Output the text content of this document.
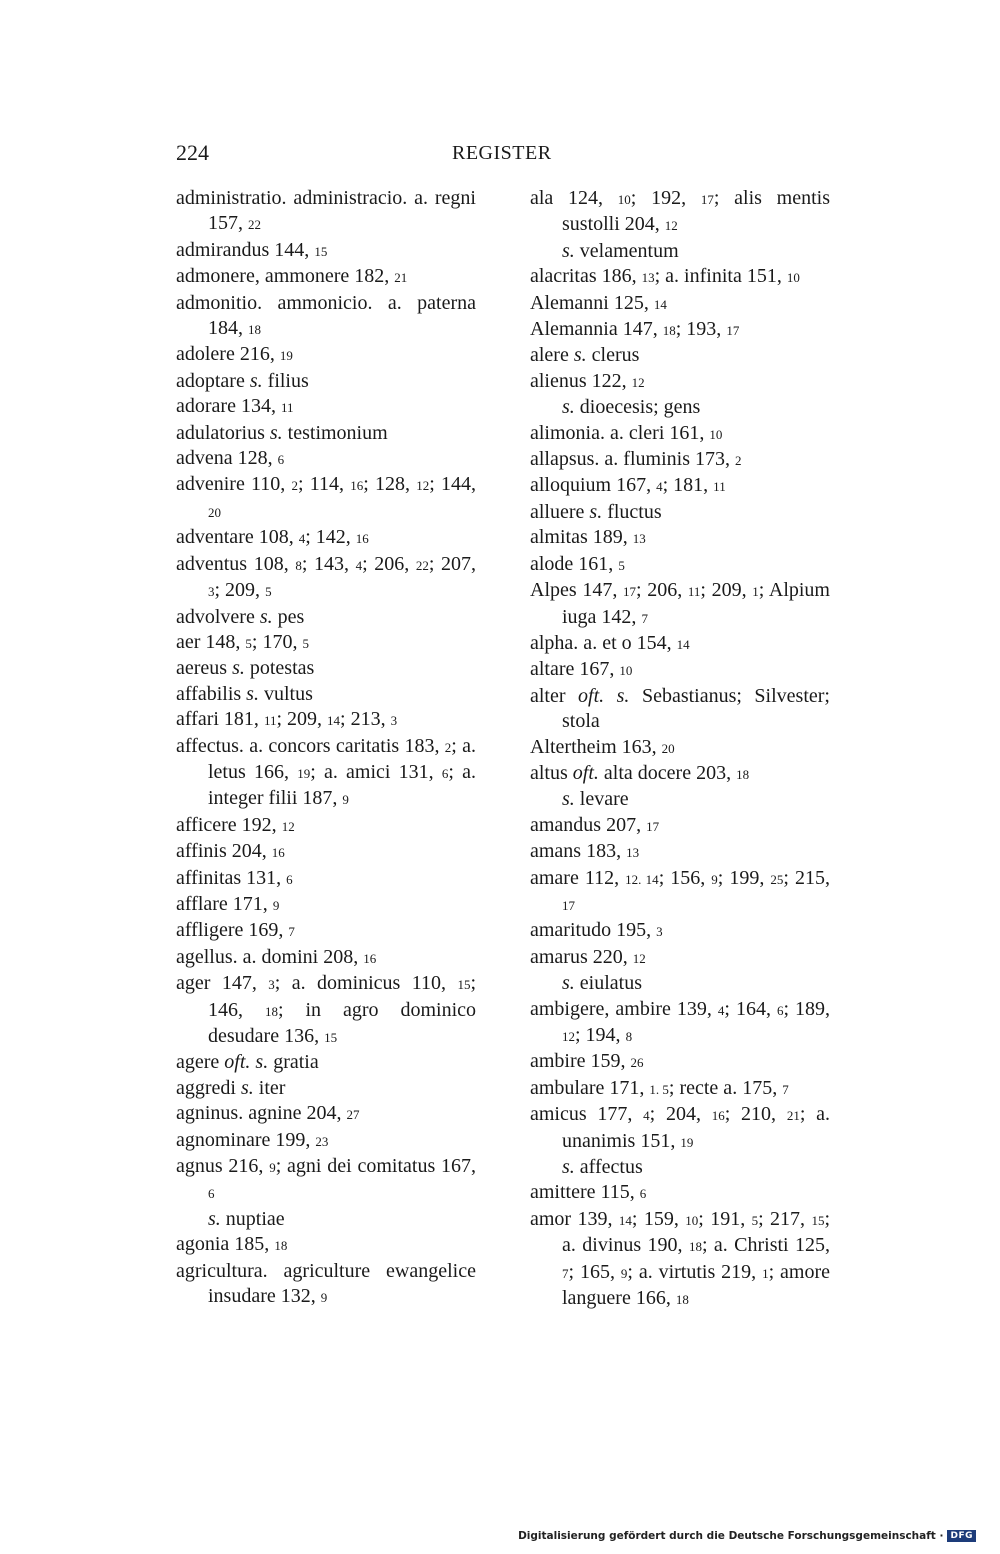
224	REGISTER
administratio. administracio. a. regni 157, 22
admirandus 144, 15
admonere, ammonere 182, 21
admonitio. ammonicio. a. paterna 184, 18
adolere 216, 19
adoptare s. filius
adorare 134, 11
adulatorius s. testimonium
advena 128, 6
advenire 110, 2; 114, 16; 128, 12; 144, 20
adventare 108, 4; 142, 16
adventus 108, 8; 143, 4; 206, 22; 207, 3; 209, 5
advolvere s. pes
aer 148, 5; 170, 5
aereus s. potestas
affabilis s. vultus
affari 181, 11; 209, 14; 213, 3
affectus. a. concors caritatis 183, 2; a. letus 166, 19; a. amici 131, 6; a. integer filii 187, 9
afficere 192, 12
affinis 204, 16
affinitas 131, 6
afflare 171, 9
affligere 169, 7
agellus. a. domini 208, 16
ager 147, 3; a. dominicus 110, 15; 146, 18; in agro dominico desudare 136, 15
agere oft. s. gratia
aggredi s. iter
agninus. agnine 204, 27
agnominare 199, 23
agnus 216, 9; agni dei comitatus 167, 6
s. nuptiae
agonia 185, 18
agricultura. agriculture ewangelice insudare 132, 9
ala 124, 10; 192, 17; alis mentis sustolli 204, 12
s. velamentum
alacritas 186, 13; a. infinita 151, 10
Alemanni 125, 14
Alemannia 147, 18; 193, 17
alere s. clerus
alienus 122, 12
s. dioecesis; gens
alimonia. a. cleri 161, 10
allapsus. a. fluminis 173, 2
alloquium 167, 4; 181, 11
alluere s. fluctus
almitas 189, 13
alode 161, 5
Alpes 147, 17; 206, 11; 209, 1; Alpium iuga 142, 7
alpha. a. et o 154, 14
altare 167, 10
alter oft. s. Sebastianus; Silvester; stola
Altertheim 163, 20
altus oft. alta docere 203, 18
s. levare
amandus 207, 17
amans 183, 13
amare 112, 12. 14; 156, 9; 199, 25; 215, 17
amaritudo 195, 3
amarus 220, 12
s. eiulatus
ambigere, ambire 139, 4; 164, 6; 189, 12; 194, 8
ambire 159, 26
ambulare 171, 1. 5; recte a. 175, 7
amicus 177, 4; 204, 16; 210, 21; a. unanimis 151, 19
s. affectus
amittere 115, 6
amor 139, 14; 159, 10; 191, 5; 217, 15; a. divinus 190, 18; a. Christi 125, 7; 165, 9; a. virtutis 219, 1; amore languere 166, 18
Digitalisierung gefördert durch die Deutsche Forschungsgemeinschaft · DFG
